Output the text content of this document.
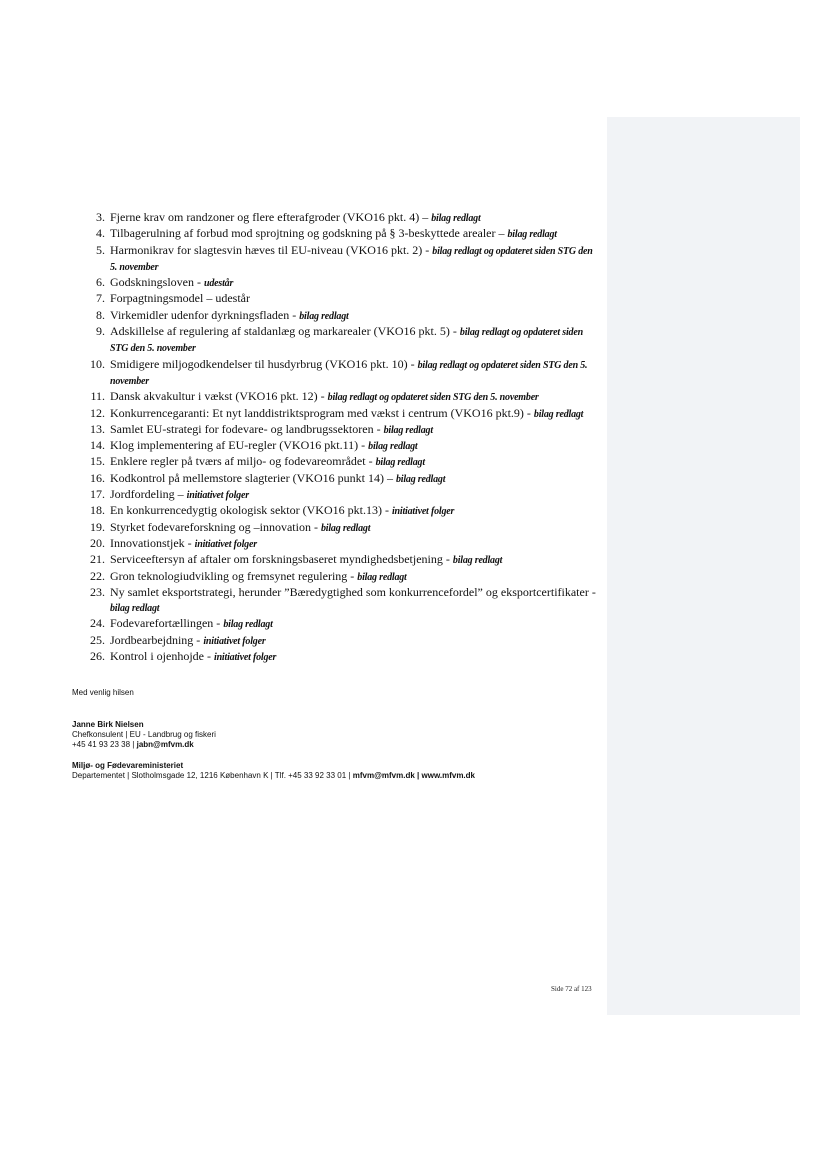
3. Fjerne krav om randzoner og flere efterafgroder (VKO16 pkt. 4) – bilag redlagt
4. Tilbagerulning af forbud mod sprojtning og godskning på § 3-beskyttede arealer – bilag redlagt
5. Harmonikrav for slagtesvin hæves til EU-niveau (VKO16 pkt. 2) - bilag redlagt og opdateret siden STG den 5. november
6. Godskningsloven - udestår
7. Forpagtningsmodel – udestår
8. Virkemidler udenfor dyrkningsfladen - bilag redlagt
9. Adskillelse af regulering af staldanlæg og markarealer (VKO16 pkt. 5) - bilag redlagt og opdateret siden STG den 5. november
10. Smidigere miljogodkendelser til husdyrbrug (VKO16 pkt. 10) - bilag redlagt og opdateret siden STG den 5. november
11. Dansk akvakultur i vækst (VKO16 pkt. 12) - bilag redlagt og opdateret siden STG den 5. november
12. Konkurrencegaranti: Et nyt landdistriktsprogram med vækst i centrum (VKO16 pkt.9) - bilag redlagt
13. Samlet EU-strategi for fodevare- og landbrugssektoren - bilag redlagt
14. Klog implementering af EU-regler (VKO16 pkt.11) - bilag redlagt
15. Enklere regler på tværs af miljo- og fodevareområdet - bilag redlagt
16. Kodkontrol på mellemstore slagterier (VKO16 punkt 14) – bilag redlagt
17. Jordfordeling – initiativet folger
18. En konkurrencedygtig okologisk sektor (VKO16 pkt.13) - initiativet folger
19. Styrket fodevareforskning og –innovation - bilag redlagt
20. Innovationstjek - initiativet folger
21. Serviceeftersyn af aftaler om forskningsbaseret myndighedsbetjening - bilag redlagt
22. Gron teknologiudvikling og fremsynet regulering - bilag redlagt
23. Ny samlet eksportstrategi, herunder ”Bæredygtighed som konkurrencefordel” og eksportcertifikater - bilag redlagt
24. Fodevarefortællingen - bilag redlagt
25. Jordbearbejdning - initiativet folger
26. Kontrol i ojenhojde - initiativet folger
Med venlig hilsen
Janne Birk Nielsen
Chefkonsulent | EU - Landbrug og fiskeri
+45 41 93 23 38 | jabn@mfvm.dk
Miljø- og Fødevareministeriet
Departementet | Slotholmsgade 12, 1216 København K | Tlf. +45 33 92 33 01 | mfvm@mfvm.dk | www.mfvm.dk
Side 72 af 123
